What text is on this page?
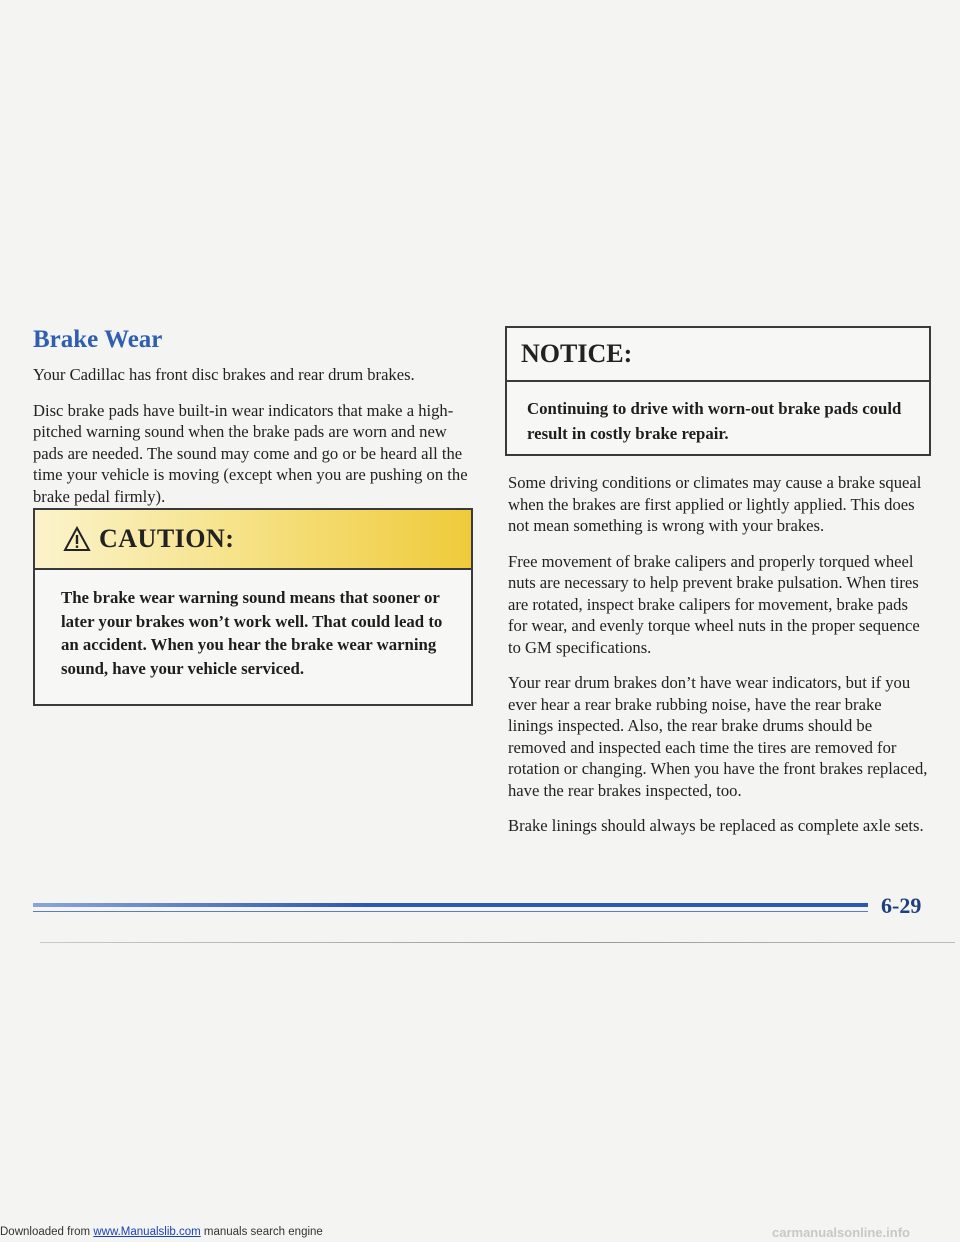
Brake Wear

Your Cadillac has front disc brakes and rear drum brakes.

Disc brake pads have built-in wear indicators that make a high-pitched warning sound when the brake pads are worn and new pads are needed. The sound may come and go or be heard all the time your vehicle is moving (except when you are pushing on the brake pedal firmly).

CAUTION:
The brake wear warning sound means that sooner or later your brakes won’t work well. That could lead to an accident. When you hear the brake wear warning sound, have your vehicle serviced.
NOTICE:
Continuing to drive with worn-out brake pads could result in costly brake repair.

Some driving conditions or climates may cause a brake squeal when the brakes are first applied or lightly applied. This does not mean something is wrong with your brakes.

Free movement of brake calipers and properly torqued wheel nuts are necessary to help prevent brake pulsation. When tires are rotated, inspect brake calipers for movement, brake pads for wear, and evenly torque wheel nuts in the proper sequence to GM specifications.

Your rear drum brakes don’t have wear indicators, but if you ever hear a rear brake rubbing noise, have the rear brake linings inspected. Also, the rear brake drums should be removed and inspected each time the tires are removed for rotation or changing. When you have the front brakes replaced, have the rear brakes inspected, too.

Brake linings should always be replaced as complete axle sets.

6-29
Downloaded from www.Manualslib.com manuals search engine	carmanualsonline.info
